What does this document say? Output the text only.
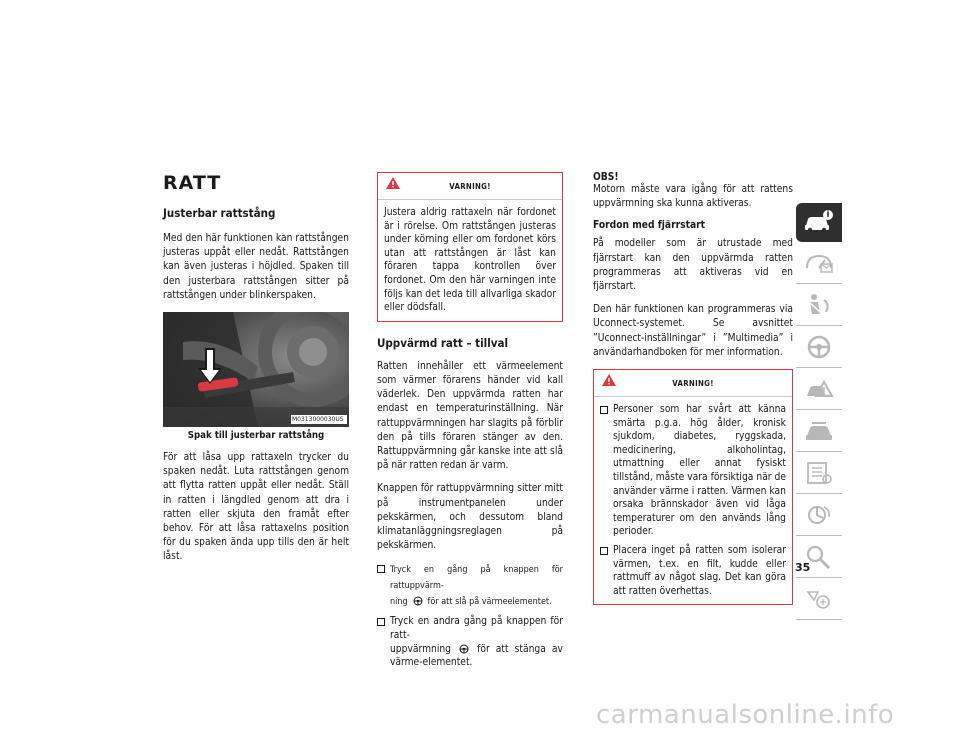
RATT
Justerbar rattstång

Med den här funktionen kan rattstången justeras uppåt eller nedåt. Rattstången kan även justeras i höjdled. Spaken till den justerbara rattstången sitter på rattstången under blinkerspaken.

M0313000030US
Spak till justerbar rattstång

För att låsa upp rattaxeln trycker du spaken nedåt. Luta rattstången genom att flytta ratten uppåt eller nedåt. Ställ in ratten i längdled genom att dra i ratten eller skjuta den framåt efter behov. För att låsa rattaxelns position för du spaken ända upp tills den är helt låst.

VARNING!

Justera aldrig rattaxeln när fordonet är i rörelse. Om rattstången justeras under körning eller om fordonet körs utan att rattstången är låst kan föraren tappa kontrollen över fordonet. Om den här varningen inte följs kan det leda till allvarliga skador eller dödsfall.

Uppvärmd ratt – tillval

Ratten innehåller ett värmeelement som värmer förarens händer vid kall väderlek. Den uppvärmda ratten har endast en temperaturinställning. När rattuppvärmningen har slagits på förblir den på tills föraren stänger av den. Rattuppvärmning går kanske inte att slå på när ratten redan är varm.

Knappen för rattuppvärmning sitter mitt på instrumentpanelen under pekskärmen, och dessutom bland klimatanläggningsreglagen på pekskärmen.

Tryck en gång på knappen för rattuppvärm-
ning för att slå på värmeelementet.
Tryck en andra gång på knappen för ratt-
uppvärmning	för att stänga av värme-elementet.
OBS!

Motorn måste vara igång för att rattens uppvärmning ska kunna aktiveras.

Fordon med fjärrstart

På modeller som är utrustade med fjärrstart kan den uppvärmda ratten programmeras att aktiveras vid en fjärrstart.

Den här funktionen kan programmeras via Uconnect-systemet. Se avsnittet ”Uconnect-inställningar” i ”Multimedia” i användarhandboken för mer information.

VARNING!
Personer som har svårt att känna smärta p.g.a. hög ålder, kronisk sjukdom, diabetes, ryggskada, medicinering, alkoholintag, utmattning eller annat fysiskt tillstånd, måste vara försiktiga när de använder värme i ratten. Värmen kan orsaka brännskador även vid låga temperaturer om den används lång perioder.
Placera inget på ratten som isolerar värmen, t.ex. en filt, kudde eller rattmuff av något slag. Det kan göra att ratten överhettas.
35
carmanualsonline.info
